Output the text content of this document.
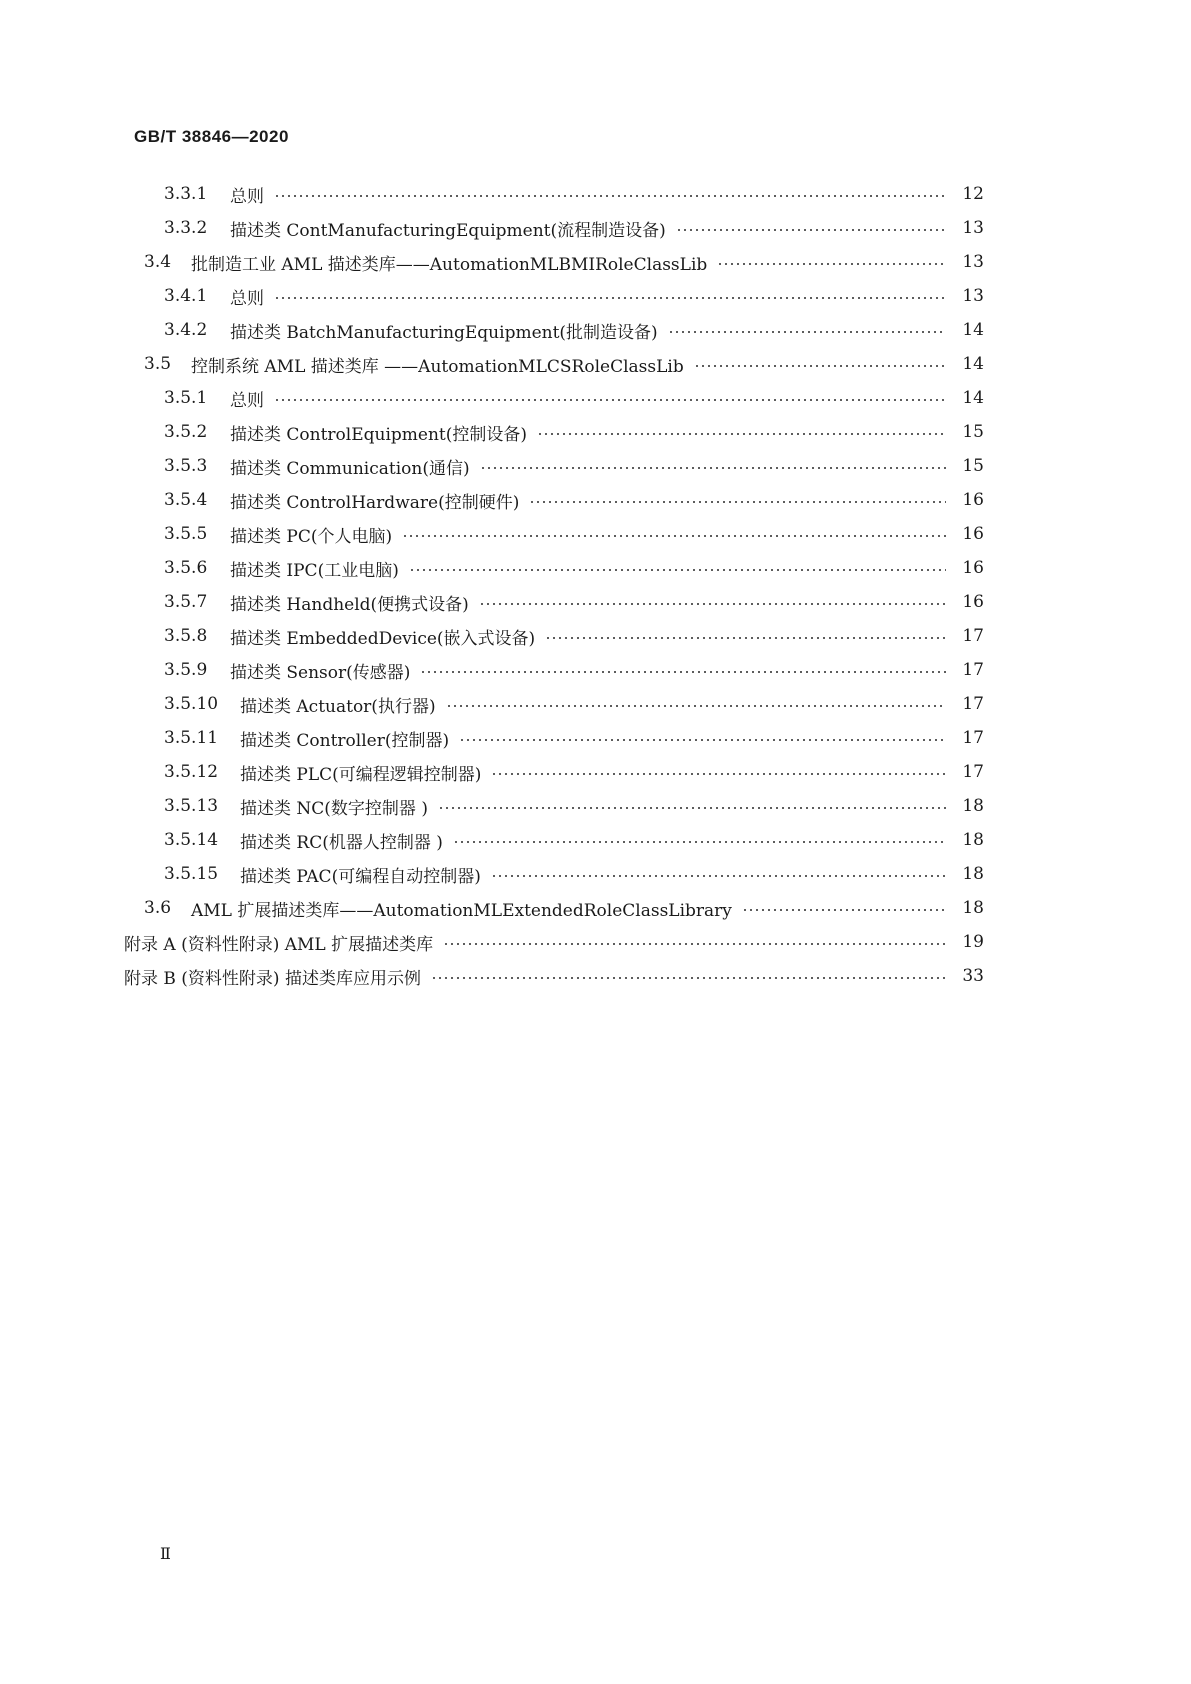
GB/T 38846—2020
3.3.1	总则	12
3.3.2	描述类 ContManufacturingEquipment(流程制造设备)	13
3.4	批制造工业 AML 描述类库——AutomationMLBMIRoleClassLib	13
3.4.1	总则	13
3.4.2	描述类 BatchManufacturingEquipment(批制造设备)	14
3.5	控制系统 AML 描述类库 ——AutomationMLCSRoleClassLib	14
3.5.1	总则	14
3.5.2	描述类 ControlEquipment(控制设备)	15
3.5.3	描述类 Communication(通信)	15
3.5.4	描述类 ControlHardware(控制硬件)	16
3.5.5	描述类 PC(个人电脑)	16
3.5.6	描述类 IPC(工业电脑)	16
3.5.7	描述类 Handheld(便携式设备)	16
3.5.8	描述类 EmbeddedDevice(嵌入式设备)	17
3.5.9	描述类 Sensor(传感器)	17
3.5.10	描述类 Actuator(执行器)	17
3.5.11	描述类 Controller(控制器)	17
3.5.12	描述类 PLC(可编程逻辑控制器)	17
3.5.13	描述类 NC(数字控制器 )	18
3.5.14	描述类 RC(机器人控制器 )	18
3.5.15	描述类 PAC(可编程自动控制器)	18
3.6	AML 扩展描述类库——AutomationMLExtendedRoleClassLibrary	18
附录 A (资料性附录) AML 扩展描述类库	19
附录 B (资料性附录) 描述类库应用示例	33
Ⅱ
